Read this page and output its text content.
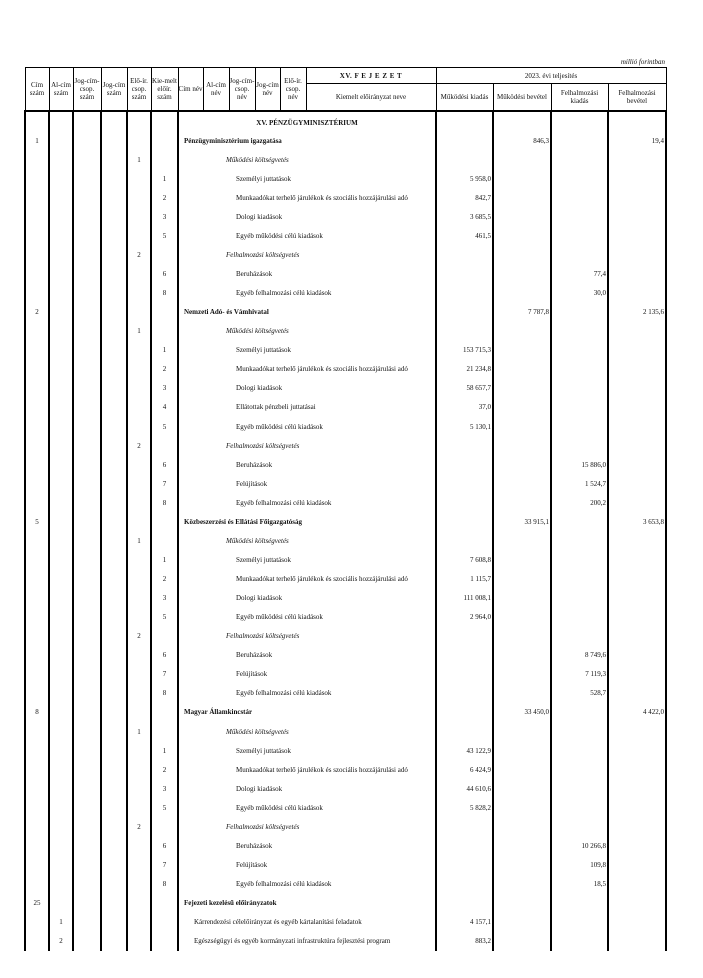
millió forintban
Cím szám	Al-cím szám	Jog-cím-csop. szám	Jog-cím szám	Elő-ír. csop. szám	Kie-melt előír. szám	Cím név	Al-cím név	Jog-cím-csop. név	Jog-cím név	Elő-ír. csop. név	XV. F E J E Z E T	2023. évi teljesítés			
											Kiemelt előirányzat neve	Működési kiadás	Működési bevétel	Felhalmozási kiadás	Felhalmozási bevétel
						XV. PÉNZÜGYMINISZTÉRIUM									
1						Pénzügyminisztérium igazgatása							846,3		19,4
				1		Működési költségvetés									
					1	Személyi juttatások						5 958,0			
					2	Munkaadókat terhelő járulékok és szociális hozzájárulási adó						842,7			
					3	Dologi kiadások						3 685,5			
					5	Egyéb működési célú kiadások						461,5			
				2		Felhalmozási költségvetés									
					6	Beruházások								77,4	
					8	Egyéb felhalmozási célú kiadások								30,0	
2						Nemzeti Adó- és Vámhivatal							7 787,8		2 135,6
				1		Működési költségvetés									
					1	Személyi juttatások						153 715,3			
					2	Munkaadókat terhelő járulékok és szociális hozzájárulási adó						21 234,8			
					3	Dologi kiadások						58 657,7			
					4	Ellátottak pénzbeli juttatásai						37,0			
					5	Egyéb működési célú kiadások						5 130,1			
				2		Felhalmozási költségvetés									
					6	Beruházások								15 886,0	
					7	Felújítások								1 524,7	
					8	Egyéb felhalmozási célú kiadások								200,2	
5						Közbeszerzési és Ellátási Főigazgatóság							33 915,1		3 653,8
				1		Működési költségvetés									
					1	Személyi juttatások						7 608,8			
					2	Munkaadókat terhelő járulékok és szociális hozzájárulási adó						1 115,7			
					3	Dologi kiadások						111 008,1			
					5	Egyéb működési célú kiadások						2 964,0			
				2		Felhalmozási költségvetés									
					6	Beruházások								8 749,6	
					7	Felújítások								7 119,3	
					8	Egyéb felhalmozási célú kiadások								528,7	
8						Magyar Államkincstár							33 450,0		4 422,0
				1		Működési költségvetés									
					1	Személyi juttatások						43 122,9			
					2	Munkaadókat terhelő járulékok és szociális hozzájárulási adó						6 424,9			
					3	Dologi kiadások						44 610,6			
					5	Egyéb működési célú kiadások						5 828,2			
				2		Felhalmozási költségvetés									
					6	Beruházások								10 266,8	
					7	Felújítások								109,8	
					8	Egyéb felhalmozási célú kiadások								18,5	
25						Fejezeti kezelésű előirányzatok									
	1					Kárrendezési célelőirányzat és egyéb kártalanítási feladatok						4 157,1			
	2					Egészségügyi és egyéb kormányzati infrastruktúra fejlesztési program						883,2			
